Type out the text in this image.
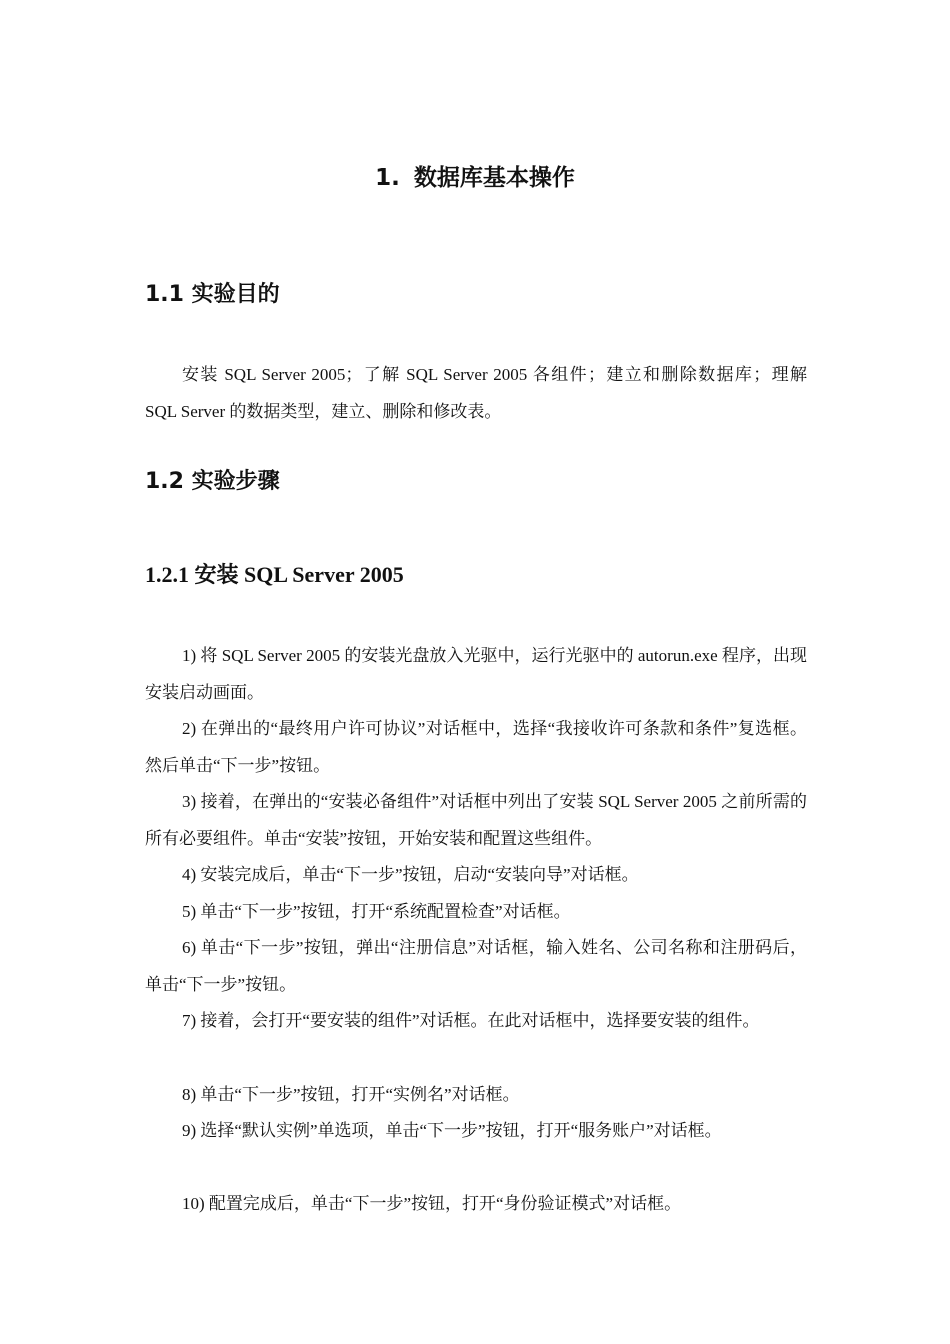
1. 数据库基本操作
1.1 实验目的

安装 SQL Server 2005；了解 SQL Server 2005 各组件；建立和删除数据库；理解 SQL Server 的数据类型，建立、删除和修改表。

1.2 实验步骤
1.2.1 安装 SQL Server 2005

1) 将 SQL Server 2005 的安装光盘放入光驱中，运行光驱中的 autorun.exe 程序，出现安装启动画面。

2) 在弹出的“最终用户许可协议”对话框中，选择“我接收许可条款和条件”复选框。然后单击“下一步”按钮。

3) 接着，在弹出的“安装必备组件”对话框中列出了安装 SQL Server 2005 之前所需的所有必要组件。单击“安装”按钮，开始安装和配置这些组件。

4) 安装完成后，单击“下一步”按钮，启动“安装向导”对话框。

5) 单击“下一步”按钮，打开“系统配置检查”对话框。

6) 单击“下一步”按钮，弹出“注册信息”对话框，输入姓名、公司名称和注册码后，单击“下一步”按钮。

7) 接着，会打开“要安装的组件”对话框。在此对话框中，选择要安装的组件。

8) 单击“下一步”按钮，打开“实例名”对话框。

9) 选择“默认实例”单选项，单击“下一步”按钮，打开“服务账户”对话框。

10) 配置完成后，单击“下一步”按钮，打开“身份验证模式”对话框。
